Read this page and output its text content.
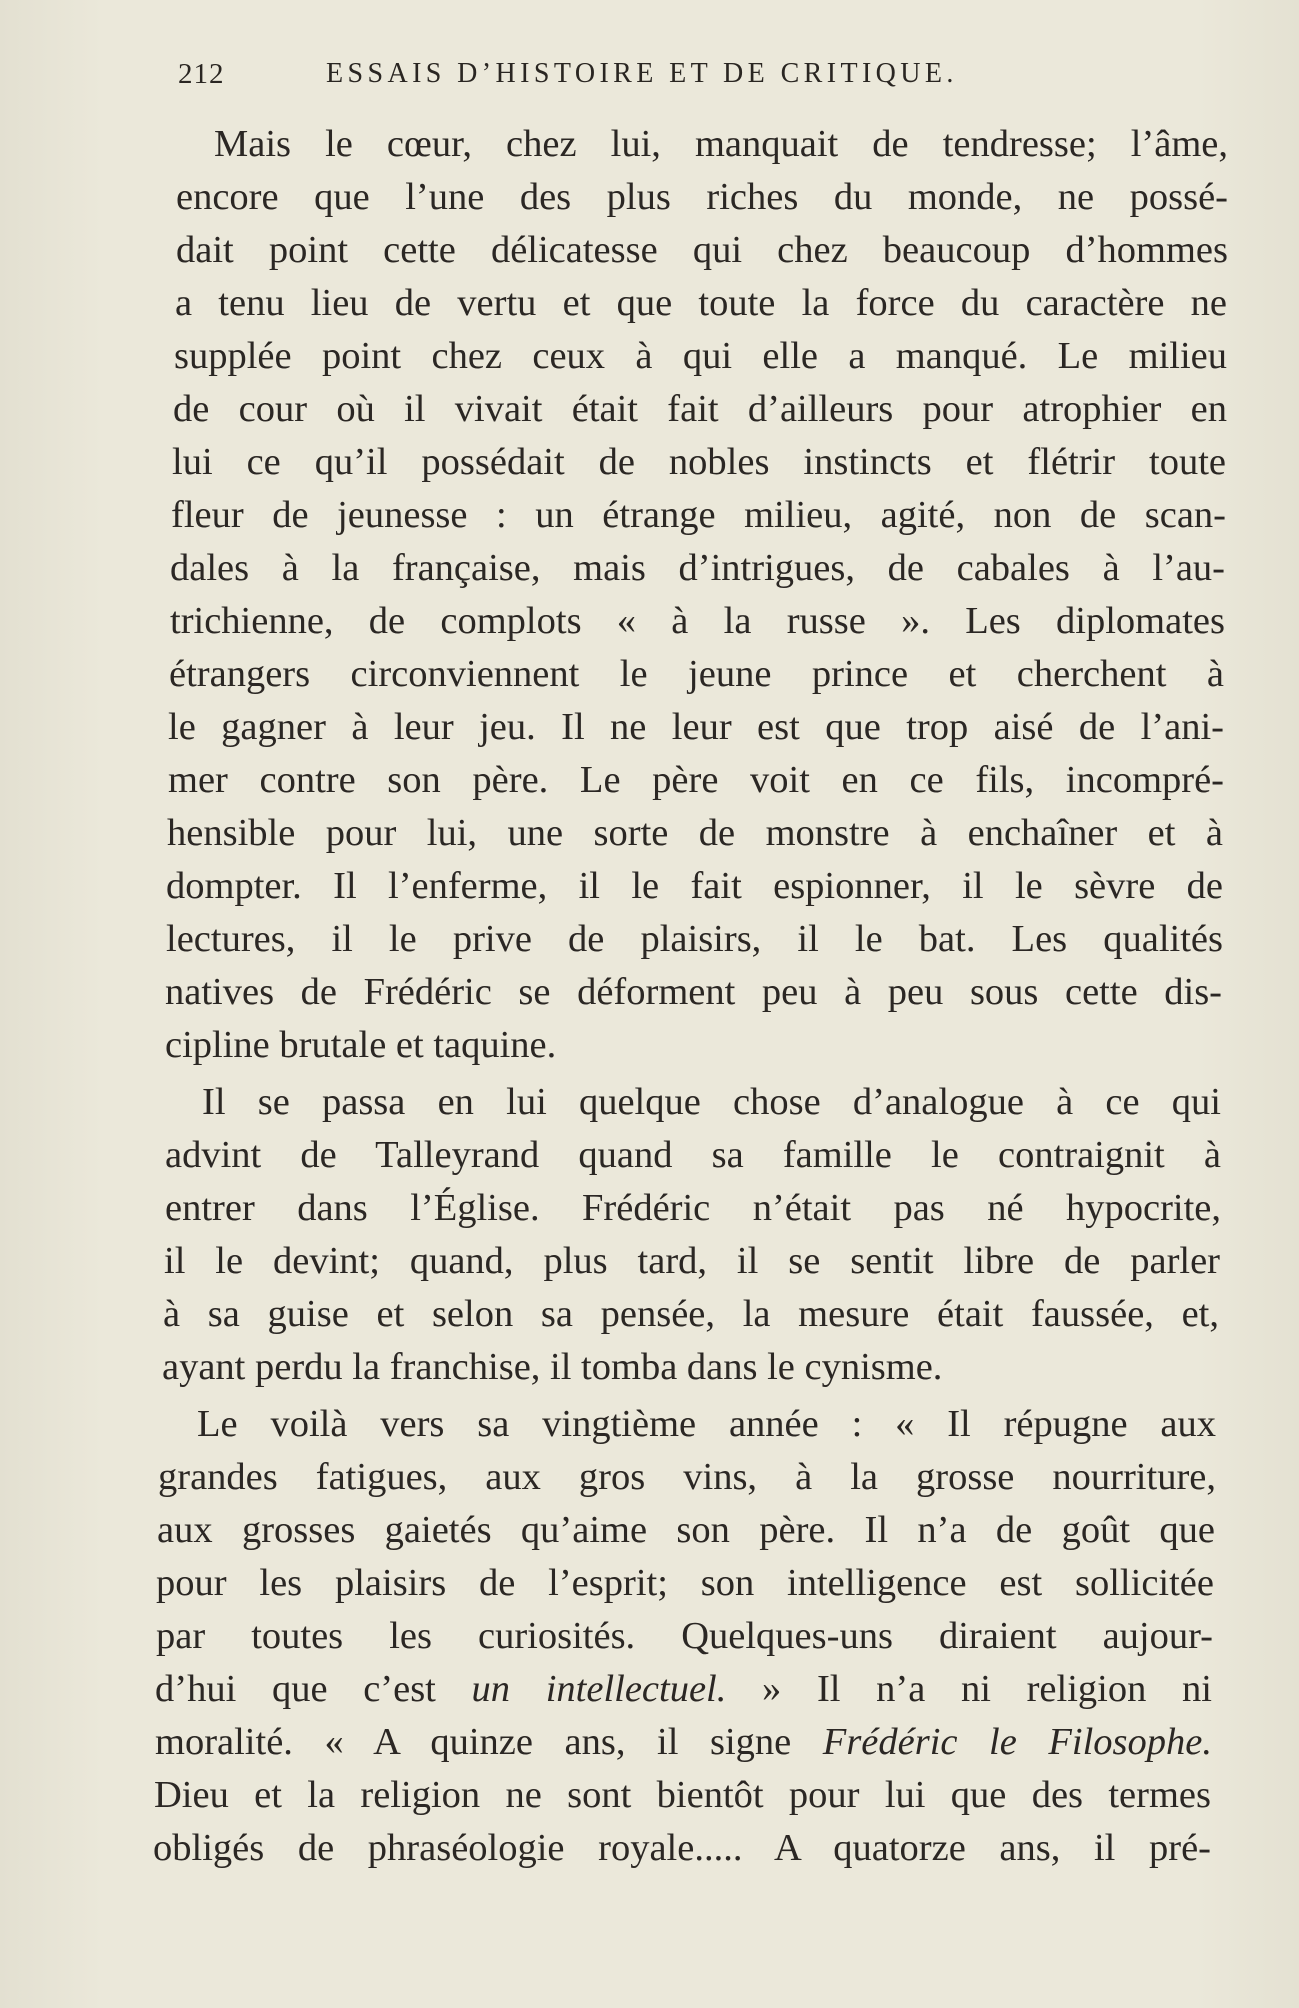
212	ESSAIS D’HISTOIRE ET DE CRITIQUE.
Mais le cœur, chez lui, manquait de tendresse; l’âme,
encore que l’une des plus riches du monde, ne possé-
dait point cette délicatesse qui chez beaucoup d’hommes
a tenu lieu de vertu et que toute la force du caractère ne
supplée point chez ceux à qui elle a manqué. Le milieu
de cour où il vivait était fait d’ailleurs pour atrophier en
lui ce qu’il possédait de nobles instincts et flétrir toute
fleur de jeunesse : un étrange milieu, agité, non de scan-
dales à la française, mais d’intrigues, de cabales à l’au-
trichienne, de complots « à la russe ». Les diplomates
étrangers circonviennent le jeune prince et cherchent à
le gagner à leur jeu. Il ne leur est que trop aisé de l’ani-
mer contre son père. Le père voit en ce fils, incompré-
hensible pour lui, une sorte de monstre à enchaîner et à
dompter. Il l’enferme, il le fait espionner, il le sèvre de
lectures, il le prive de plaisirs, il le bat. Les qualités
natives de Frédéric se déforment peu à peu sous cette dis-
cipline brutale et taquine.
Il se passa en lui quelque chose d’analogue à ce qui
advint de Talleyrand quand sa famille le contraignit à
entrer dans l’Église. Frédéric n’était pas né hypocrite,
il le devint; quand, plus tard, il se sentit libre de parler
à sa guise et selon sa pensée, la mesure était faussée, et,
ayant perdu la franchise, il tomba dans le cynisme.
Le voilà vers sa vingtième année : « Il répugne aux
grandes fatigues, aux gros vins, à la grosse nourriture,
aux grosses gaietés qu’aime son père. Il n’a de goût que
pour les plaisirs de l’esprit; son intelligence est sollicitée
par toutes les curiosités. Quelques-uns diraient aujour-
d’hui que c’est un intellectuel. » Il n’a ni religion ni
moralité. « A quinze ans, il signe Frédéric le Filosophe.
Dieu et la religion ne sont bientôt pour lui que des termes
obligés de phraséologie royale..... A quatorze ans, il pré-
